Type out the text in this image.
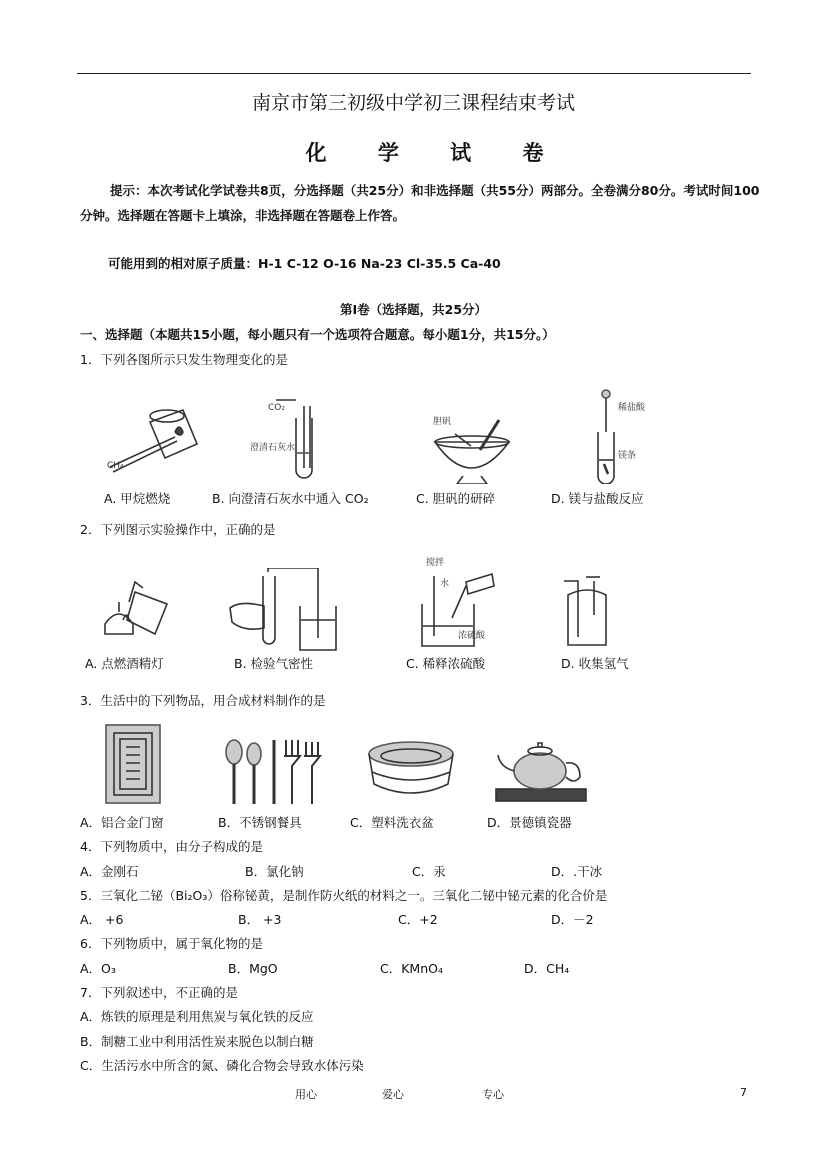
南京市第三初级中学初三课程结束考试
化 学 试 卷
提示：本次考试化学试卷共8页，分选择题（共25分）和非选择题（共55分）两部分。全卷满分80分。考试时间100分钟。选择题在答题卡上填涂，非选择题在答题卷上作答。
可能用到的相对原子质量：H-1 C-12 O-16 Na-23 Cl-35.5 Ca-40
第Ⅰ卷（选择题，共25分）
一、选择题（本题共15小题，每小题只有一个选项符合题意。每小题1分，共15分。）
1．下列各图所示只发生物理变化的是
CH₄
CO₂
澄清石灰水
胆矾
稀盐酸
镁条
A. 甲烷燃烧	B. 向澄清石灰水中通入 CO₂	C. 胆矾的研碎	D. 镁与盐酸反应
2．下列图示实验操作中，正确的是
搅拌
水
浓硫酸
A. 点燃酒精灯	B. 检验气密性	C. 稀释浓硫酸	D. 收集氢气
3．生活中的下列物品，用合成材料制作的是
A．铝合金门窗	B．不锈钢餐具	C．塑料洗衣盆	D．景德镇瓷器
4．下列物质中，由分子构成的是
A．金刚石	B．氯化钠	C．汞	D．.干冰
5．三氧化二铋（Bi₂O₃）俗称铋黄，是制作防火纸的材料之一。三氧化二铋中铋元素的化合价是
A． +6	B． +3	C．+2	D．－2
6．下列物质中，属于氧化物的是
A．O₃	B．MgO	C．KMnO₄	D．CH₄
7．下列叙述中，不正确的是
A．炼铁的原理是利用焦炭与氧化铁的反应
B．制糖工业中利用活性炭来脱色以制白糖
C．生活污水中所含的氮、磷化合物会导致水体污染
用心	爱心	专心	7
